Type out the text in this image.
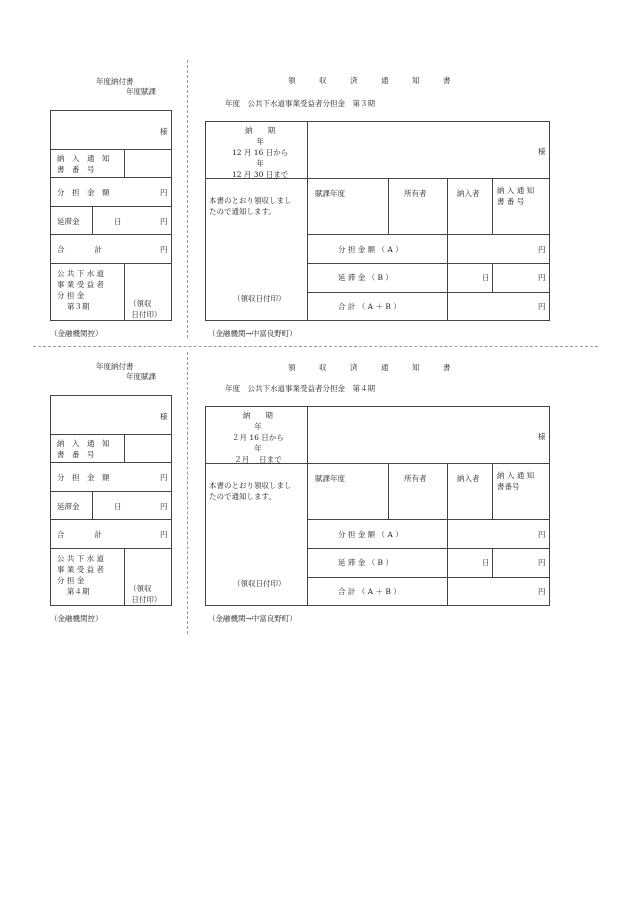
年度納付書
年度賦課
様
納　入　通　知
書　番　号
分　担　金　額	円
延滞金	日	円
合　　　　計	円
公 共 下 水 道
事 業 受 益 者
分 担 金
　 第３期	（領収
日付印）
（金融機関控）
領　収　済　通　知　書
年度　公共下水道事業受益者分担金　第３期
納　　期
年
12 月 16 日から
年
12 月 30 日まで
様
本書のとおり領収しまし
たので通知します。
（領収日付印）
賦課年度	所有者	納入者 納 入 通 知
書 番 号
分 担 金 額 （ A ）	円
延 滞 金 （ B ）	日	円
合 計 （ A ＋ B ）	円
（金融機関→中富良野町）
年度納付書
年度賦課
様
納　入　通　知
書　番　号
分　担　金　額	円
延滞金	日	円
合　　　　計	円
公 共 下 水 道
事 業 受 益 者
分 担 金
　 第４期	（領収
日付印）
（金融機関控）
領　収　済　通　知　書
年度　公共下水道事業受益者分担金　第４期
納　　期
年
２月 16 日から
年
２月　 日まで
様
本書のとおり領収しまし
たので通知します。
（領収日付印）
賦課年度	所有者	納入者 納 入 通 知
書番号
分 担 金 額 （ A ）	円
延 滞 金 （ B ）	日	円
合 計 （ A ＋ B ）	円
（金融機関→中富良野町）
